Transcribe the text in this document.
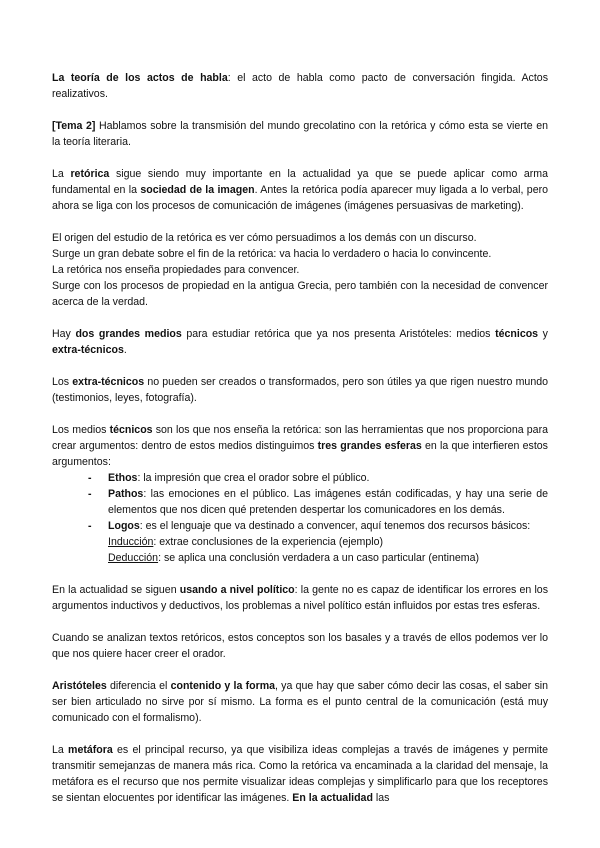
La teoría de los actos de habla: el acto de habla como pacto de conversación fingida. Actos realizativos.

[Tema 2] Hablamos sobre la transmisión del mundo grecolatino con la retórica y cómo esta se vierte en la teoría literaria.

La retórica sigue siendo muy importante en la actualidad ya que se puede aplicar como arma fundamental en la sociedad de la imagen. Antes la retórica podía aparecer muy ligada a lo verbal, pero ahora se liga con los procesos de comunicación de imágenes (imágenes persuasivas de marketing).

El origen del estudio de la retórica es ver cómo persuadimos a los demás con un discurso.
Surge un gran debate sobre el fin de la retórica: va hacia lo verdadero o hacia lo convincente.
La retórica nos enseña propiedades para convencer.
Surge con los procesos de propiedad en la antigua Grecia, pero también con la necesidad de convencer acerca de la verdad.

Hay dos grandes medios para estudiar retórica que ya nos presenta Aristóteles: medios técnicos y extra-técnicos.

Los extra-técnicos no pueden ser creados o transformados, pero son útiles ya que rigen nuestro mundo (testimonios, leyes, fotografía).

Los medios técnicos son los que nos enseña la retórica: son las herramientas que nos proporciona para crear argumentos: dentro de estos medios distinguimos tres grandes esferas en la que interfieren estos argumentos:

- Ethos: la impresión que crea el orador sobre el público.
- Pathos: las emociones en el público. Las imágenes están codificadas, y hay una serie de elementos que nos dicen qué pretenden despertar los comunicadores en los demás.
- Logos: es el lenguaje que va destinado a convencer, aquí tenemos dos recursos básicos:
Inducción: extrae conclusiones de la experiencia (ejemplo)
Deducción: se aplica una conclusión verdadera a un caso particular (entinema)

En la actualidad se siguen usando a nivel político: la gente no es capaz de identificar los errores en los argumentos inductivos y deductivos, los problemas a nivel político están influidos por estas tres esferas.

Cuando se analizan textos retóricos, estos conceptos son los basales y a través de ellos podemos ver lo que nos quiere hacer creer el orador.

Aristóteles diferencia el contenido y la forma, ya que hay que saber cómo decir las cosas, el saber sin ser bien articulado no sirve por sí mismo. La forma es el punto central de la comunicación (está muy comunicado con el formalismo).

La metáfora es el principal recurso, ya que visibiliza ideas complejas a través de imágenes y permite transmitir semejanzas de manera más rica. Como la retórica va encaminada a la claridad del mensaje, la metáfora es el recurso que nos permite visualizar ideas complejas y simplificarlo para que los receptores se sientan elocuentes por identificar las imágenes. En la actualidad las
